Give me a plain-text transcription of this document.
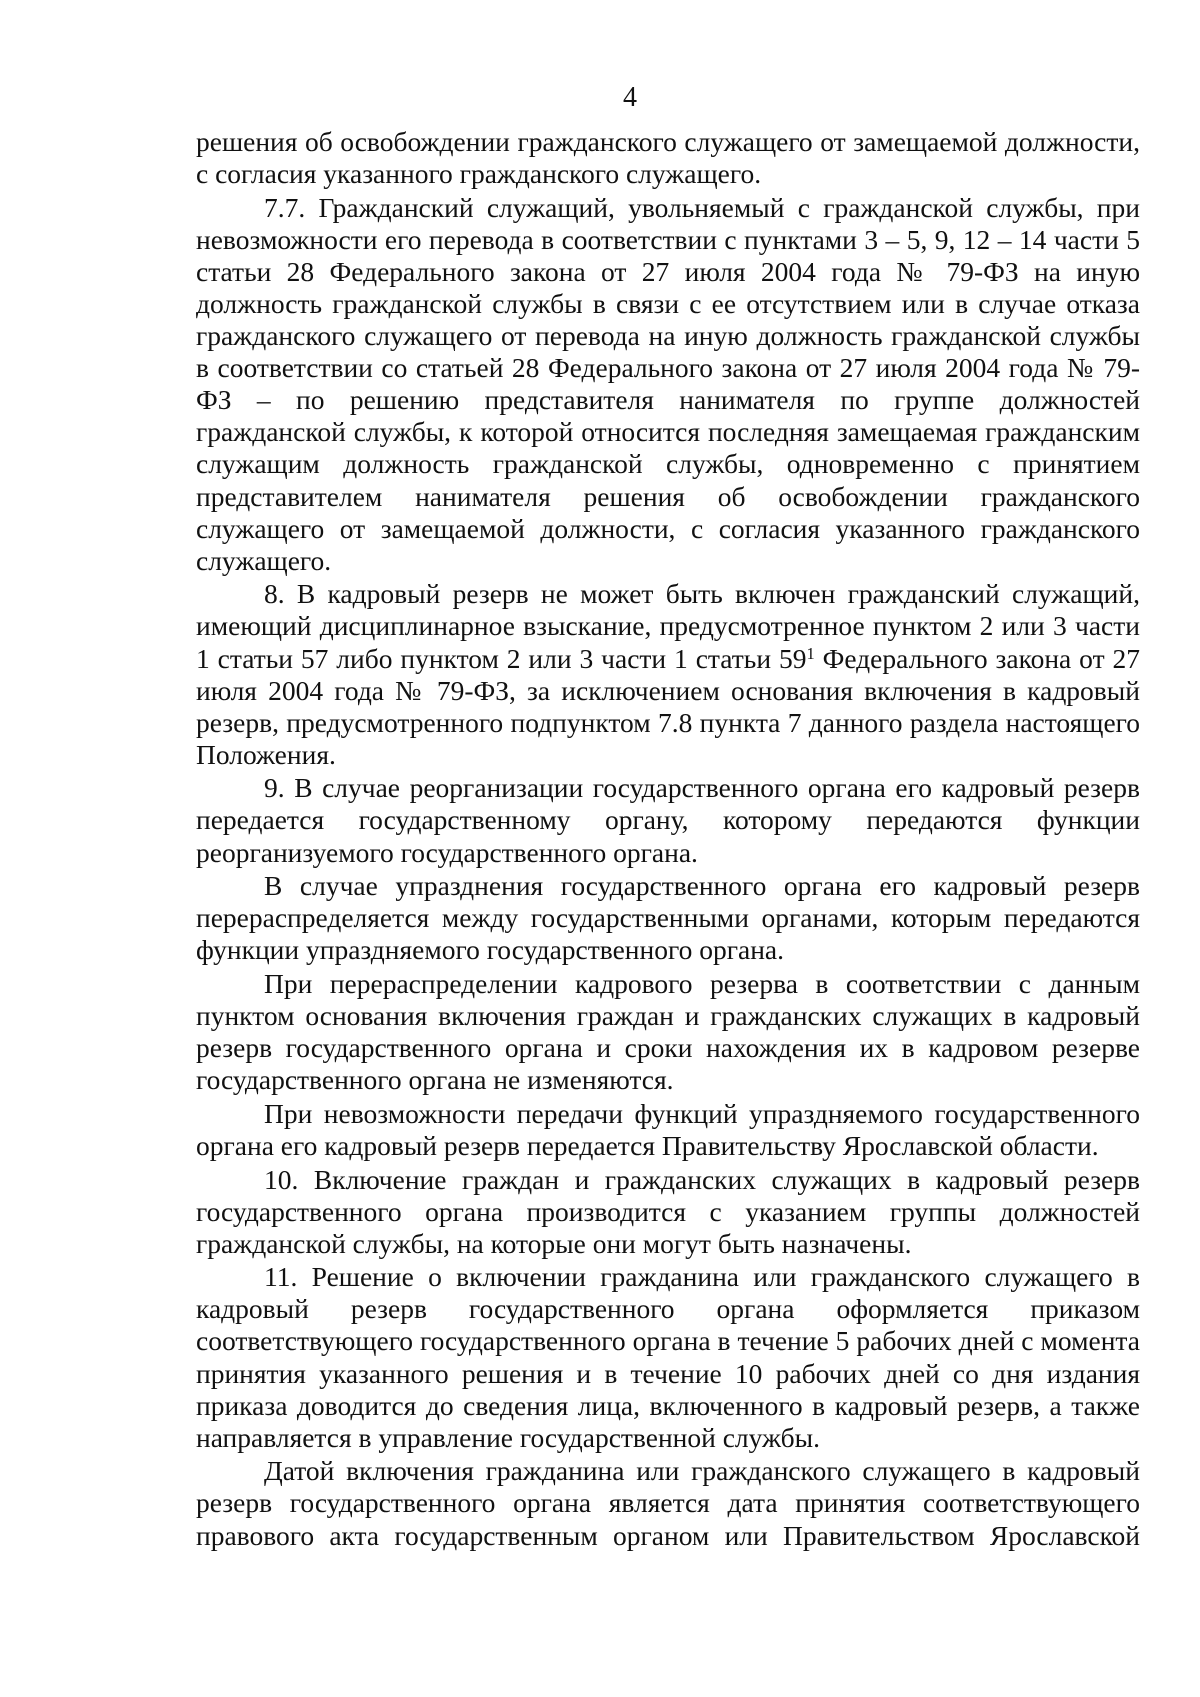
4

решения об освобождении гражданского служащего от замещаемой должности, с согласия указанного гражданского служащего.

7.7. Гражданский служащий, увольняемый с гражданской службы, при невозможности его перевода в соответствии с пунктами 3 – 5, 9, 12 – 14 части 5 статьи 28 Федерального закона от 27 июля 2004 года № 79-ФЗ на иную должность гражданской службы в связи с ее отсутствием или в случае отказа гражданского служащего от перевода на иную должность гражданской службы в соответствии со статьей 28 Федерального закона от 27 июля 2004 года № 79-ФЗ – по решению представителя нанимателя по группе должностей гражданской службы, к которой относится последняя замещаемая гражданским служащим должность гражданской службы, одновременно с принятием представителем нанимателя решения об освобождении гражданского служащего от замещаемой должности, с согласия указанного гражданского служащего.

8. В кадровый резерв не может быть включен гражданский служащий, имеющий дисциплинарное взыскание, предусмотренное пунктом 2 или 3 части 1 статьи 57 либо пунктом 2 или 3 части 1 статьи $59^1$ Федерального закона от 27 июля 2004 года № 79-ФЗ, за исключением основания включения в кадровый резерв, предусмотренного подпунктом 7.8 пункта 7 данного раздела настоящего Положения.

9. В случае реорганизации государственного органа его кадровый резерв передается государственному органу, которому передаются функции реорганизуемого государственного органа.

В случае упразднения государственного органа его кадровый резерв перераспределяется между государственными органами, которым передаются функции упраздняемого государственного органа.

При перераспределении кадрового резерва в соответствии с данным пунктом основания включения граждан и гражданских служащих в кадровый резерв государственного органа и сроки нахождения их в кадровом резерве государственного органа не изменяются.

При невозможности передачи функций упраздняемого государственного органа его кадровый резерв передается Правительству Ярославской области.

10. Включение граждан и гражданских служащих в кадровый резерв государственного органа производится с указанием группы должностей гражданской службы, на которые они могут быть назначены.

11. Решение о включении гражданина или гражданского служащего в кадровый резерв государственного органа оформляется приказом соответствующего государственного органа в течение 5 рабочих дней с момента принятия указанного решения и в течение 10 рабочих дней со дня издания приказа доводится до сведения лица, включенного в кадровый резерв, а также направляется в управление государственной службы.

Датой включения гражданина или гражданского служащего в кадровый резерв государственного органа является дата принятия соответствующего правового акта государственным органом или Правительством Ярославской
